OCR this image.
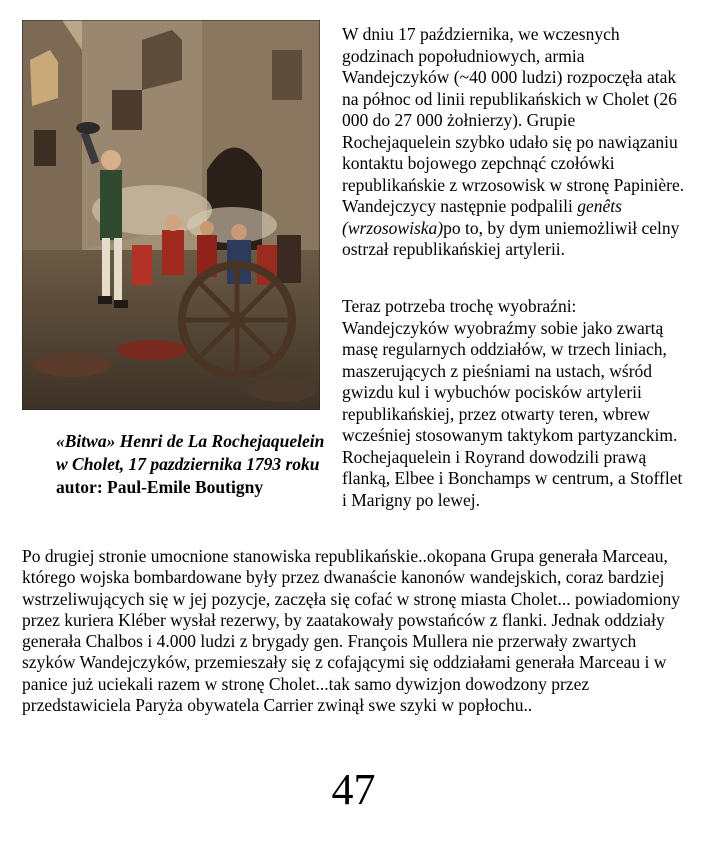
«Bitwa» Henri de La Rochejaquelein w Cholet, 17 pazdziernika 1793 roku
autor: Paul-Emile Boutigny

W dniu 17 października, we wczesnych godzinach popołudniowych, armia Wandejczyków (~40 000 ludzi) rozpoczęła atak na północ od linii republikańskich w Cholet (26 000 do 27 000 żołnierzy). Grupie Rochejaquelein szybko udało się po nawiązaniu kontaktu bojowego zepchnąć czołówki republikańskie z wrzosowisk w stronę Papinière. Wandejczycy następnie podpalili genêts (wrzosowiska)po to, by dym uniemożliwił celny ostrzał republikańskiej artylerii.

Teraz potrzeba trochę wyobraźni: Wandejczyków wyobraźmy sobie jako zwartą masę regularnych oddziałów, w trzech liniach, maszerujących z pieśniami na ustach, wśród gwizdu kul i wybuchów pocisków artylerii republikańskiej, przez otwarty teren, wbrew wcześniej stosowanym taktykom partyzanckim. Rochejaquelein i Royrand dowodzili prawą flanką, Elbee i Bonchamps w centrum, a Stofflet i Marigny po lewej.

Po drugiej stronie umocnione stanowiska republikańskie..okopana Grupa generała Marceau, którego wojska bombardowane były przez dwanaście kanonów wandejskich, coraz bardziej wstrzeliwujących się w jej pozycje, zaczęła się cofać w stronę miasta Cholet... powiadomiony przez kuriera Kléber wysłał rezerwy, by zaatakowały powstańców z flanki. Jednak oddziały generała Chalbos i 4.000 ludzi z brygady gen. François Mullera nie przerwały zwartych szyków Wandejczyków, przemieszały się z cofającymi się oddziałami generała Marceau i w panice już uciekali razem w stronę Cholet...tak samo dywizjon dowodzony przez przedstawiciela Paryża obywatela Carrier zwinął swe szyki w popłochu..

47
